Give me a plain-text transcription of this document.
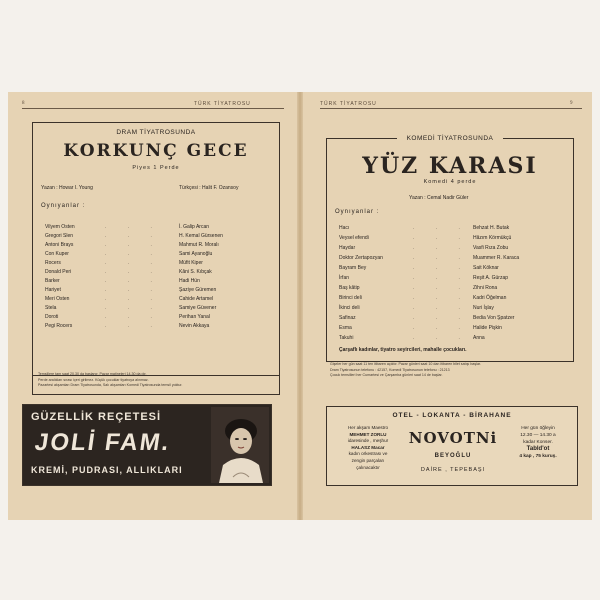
8	TÜRK TİYATROSU
DRAM TİYATROSUNDA
KORKUNÇ GECE
Piyes 1 Perde
Yazan : Howar I. Young	Türkçesi : Halit F. Ozansoy
Oynıyanlar :
Vilyem Osten	. . .	İ. Galip Arcan
Gregori Slen	. . .	H. Kemal Gürsenen
Antoni Brays	. . .	Mahmut R. Moralı
Con Kuper	. . .	Sami Ayanoğlu
Rocers	. . .	Müfit Kiper
Donald Peri	. . .	Kâni S. Kıbçak
Barker	. . .	Hadi Hün
Hariyet	. . .	Şaziye Güremen
Meri Osten	. . .	Cahide Artamel
Stela	. . .	Samiye Güvener
Doroti	. . .	Perihan Yanal
Pegi Rocers	. . .	Nevin Akkaya
Temsillere tam saat 20.30 da başlanır. Pazar matineleri 14.30 da dır.
Perde aralıkları sırası içeri girilmez. Küçük çocuklar tiyatroya alınmaz.
Pazartesi akşamları Dram Tiyatrosunda, Salı akşamları Komedi Tiyatrosunda temsil yoktur.
GÜZELLİK REÇETESİ
JOLİ FAM.
KREMİ, PUDRASI, ALLIKLARI
TÜRK TİYATROSU	9
KOMEDİ TİYATROSUNDA
YÜZ KARASI
Komedi 4 perde
Yazan : Cemal Nadir Güler
Oynıyanlar :
Hacı	. . . Behzat H. Butak
Veysel efendi	. . . Hâzım Körmükçü
Haydar	. . . Vasfi Rıza Zobu
Doktor Zertapozyan	. . . Muammer R. Karaca
Bayram Bey	. . . Sait Köknar
İrfan	. . . Reşit A. Gürzap
Baş kâtip	. . . Zihni Rona
Birinci deli	. . . Kadri Öğelman
İkinci deli	. . . Nuri İşlay
Safinaz	. . . Bedia Von Şpatzer
Esma	. . . Halide Pişkin
Takuhi	. . . Anna
Çarşaflı kadınlar, tiyatro seyircileri, mahalle çocukları.
Gişeler her gün saat 11 ten itibaren açıktır. Pazar günleri saat 10 dan itibaren bilet satışı başlar.
Dram Tiyatrosunun telefonu : 42157, Komedi Tiyatrosunun telefonu : 21213
Çocuk temsilleri her Cumartesi ve Çarşamba günleri saat 14 de başlar.
OTEL - LOKANTA - BİRAHANE
Her akşam Maestro
MEHMET ZORLU
idaresinde , meşhur
HALASZ Macar
kadın orkestrası ve
zengin parçaları
çalınacaktır
NOVOTNi
BEYOĞLU
DAİRE , TEPEBAŞI
Her gün öğleyin
12.30 — 14.30 a
kadar Konser.
Tabld'ot
4 kap , 75 kuruş.
